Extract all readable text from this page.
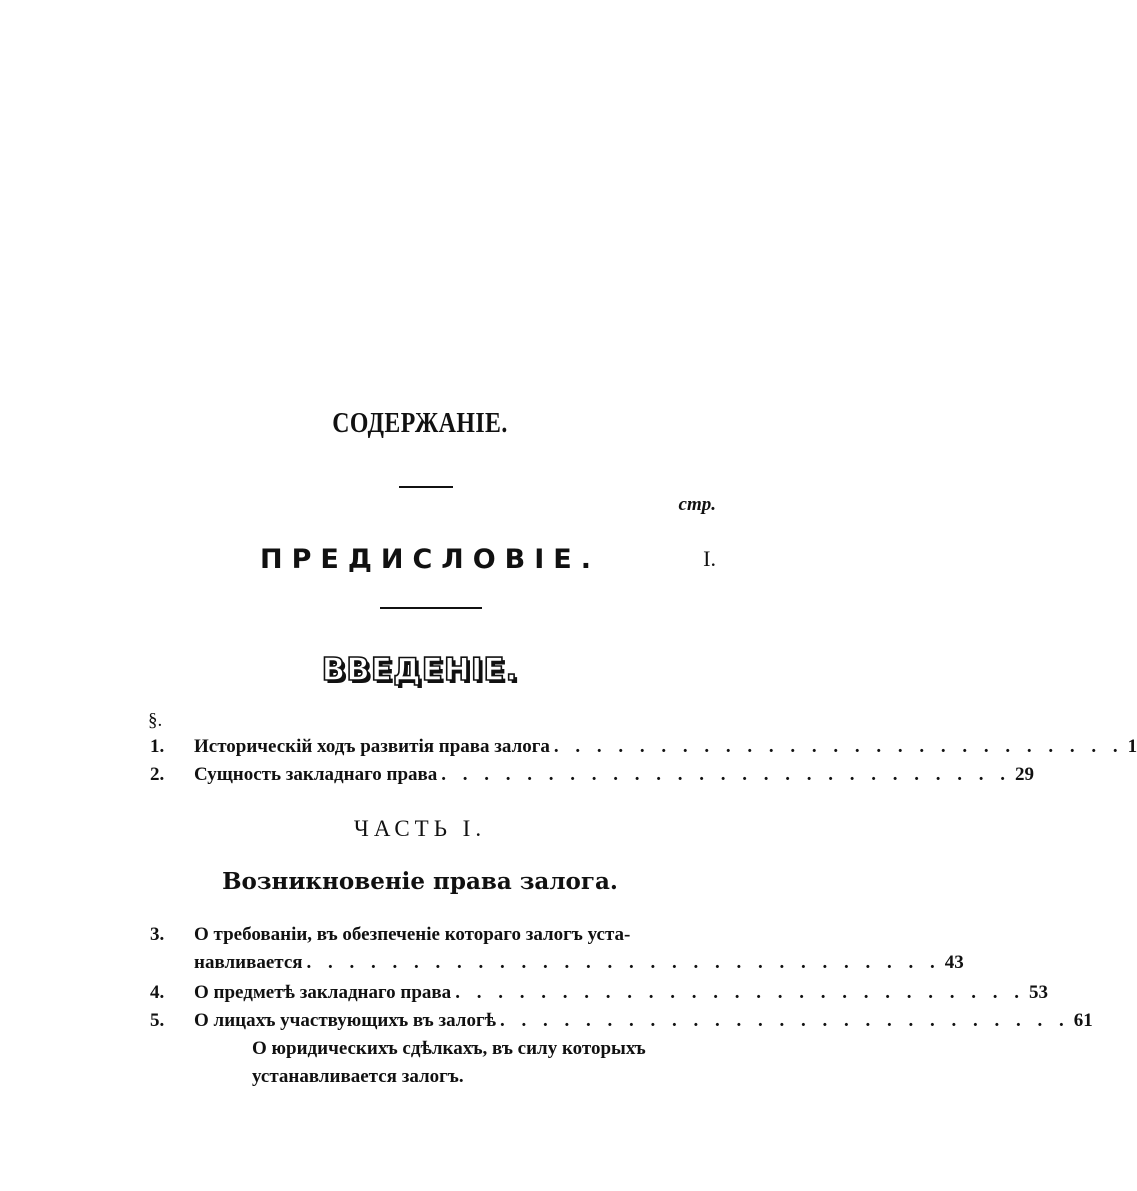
СОДЕРЖАНІЕ.
стр.
ПРЕДИСЛОВІЕ.	I.
ВВЕДЕНІЕ.
§.
1.	Историческій ходъ развитія права залога . . . . . . . . . . . . . . . . . . . . . . . . . . . 1
2.	Сущность закладнаго права . . . . . . . . . . . . . . . . . . . . . . . . . . . 29
ЧАСТЬ I.
Возникновеніе права залога.
3.	О требованіи, въ обезпеченіе котораго залогъ уста-
навливается . . . . . . . . . . . . . . . . . . . . . . . . . . . . . . 43
4.	О предметѣ закладнаго права . . . . . . . . . . . . . . . . . . . . . . . . . . . 53
5.	О лицахъ участвующихъ въ залогѣ . . . . . . . . . . . . . . . . . . . . . . . . . . . 61
О юридическихъ сдѣлкахъ, въ силу которыхъ
устанавливается залогъ.
